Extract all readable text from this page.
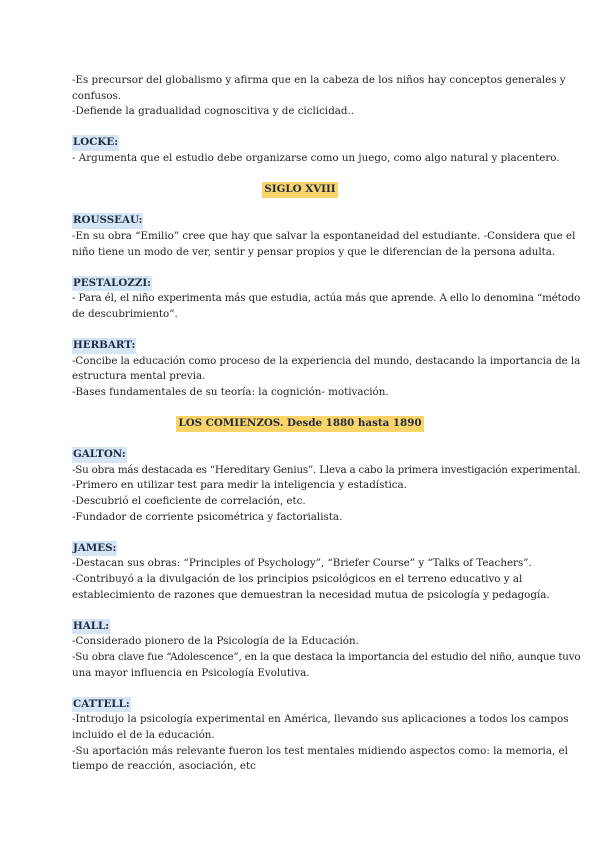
-Es precursor del globalismo y afirma que en la cabeza de los niños hay conceptos generales y
confusos.
-Defiende la gradualidad cognoscitiva y de ciclicidad..
LOCKE:
- Argumenta que el estudio debe organizarse como un juego, como algo natural y placentero.
SIGLO XVIII
ROUSSEAU:
-En su obra “Emilio” cree que hay que salvar la espontaneidad del estudiante. -Considera que el
niño tiene un modo de ver, sentir y pensar propios y que le diferencian de la persona adulta.
PESTALOZZI:
- Para él, el niño experimenta más que estudia, actúa más que aprende. A ello lo denomina “método
de descubrimiento”.
HERBART:
-Concibe la educación como proceso de la experiencia del mundo, destacando la importancia de la
estructura mental previa.
-Bases fundamentales de su teoría: la cognición- motivación.
LOS COMIENZOS. Desde 1880 hasta 1890
GALTON:
-Su obra más destacada es “Hereditary Genius”. Lleva a cabo la primera investigación experimental.
-Primero en utilizar test para medir la inteligencia y estadística.
-Descubrió el coeficiente de correlación, etc.
-Fundador de corriente psicométrica y factorialista.
JAMES:
-Destacan sus obras: “Principles of Psychology”, “Briefer Course” y “Talks of Teachers”.
-Contribuyó a la divulgación de los principios psicológicos en el terreno educativo y al
establecimiento de razones que demuestran la necesidad mutua de psicología y pedagogía.
HALL:
-Considerado pionero de la Psicología de la Educación.
-Su obra clave fue “Adolescence”, en la que destaca la importancia del estudio del niño, aunque tuvo
una mayor influencia en Psicología Evolutiva.
CATTELL:
-Introdujo la psicología experimental en América, llevando sus aplicaciones a todos los campos
incluido el de la educación.
-Su aportación más relevante fueron los test mentales midiendo aspectos como: la memoria, el
tiempo de reacción, asociación, etc
